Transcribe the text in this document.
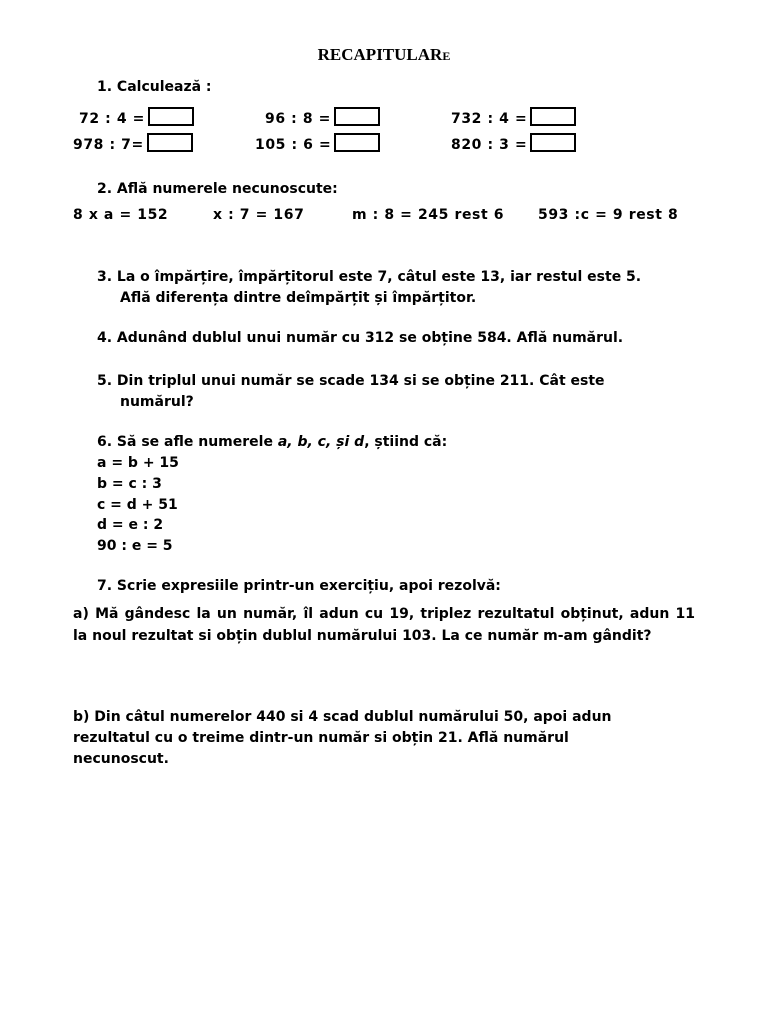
RECAPITULARE
1. Calculează :
72 : 4 =	96 : 8 =	732 : 4 =
978 : 7=	105 : 6 =	820 : 3 =
2. Află numerele necunoscute:
8 x a = 152	x : 7 = 167	m : 8 = 245 rest 6 593 :c = 9 rest 8
3. La o împărțire, împărțitorul este 7, câtul este 13, iar restul este 5.
Află diferența dintre deîmpărțit și împărțitor.
4. Adunând dublul unui număr cu 312 se obține 584. Află numărul.
5. Din triplul unui număr se scade 134 si se obține 211. Cât este
numărul?
6. Să se afle numerele a, b, c, și d, știind că:
a = b + 15
b = c : 3
c = d + 51
d = e : 2
90 : e = 5
7. Scrie expresiile printr-un exercițiu, apoi rezolvă:
a) Mă gândesc la un număr, îl adun cu 19, triplez rezultatul obținut, adun 11 la noul rezultat si obțin dublul numărului 103. La ce număr m-am gândit?
b) Din câtul numerelor 440 si 4 scad dublul numărului 50, apoi adun
rezultatul cu o treime dintr-un număr si obțin 21. Află numărul
necunoscut.
